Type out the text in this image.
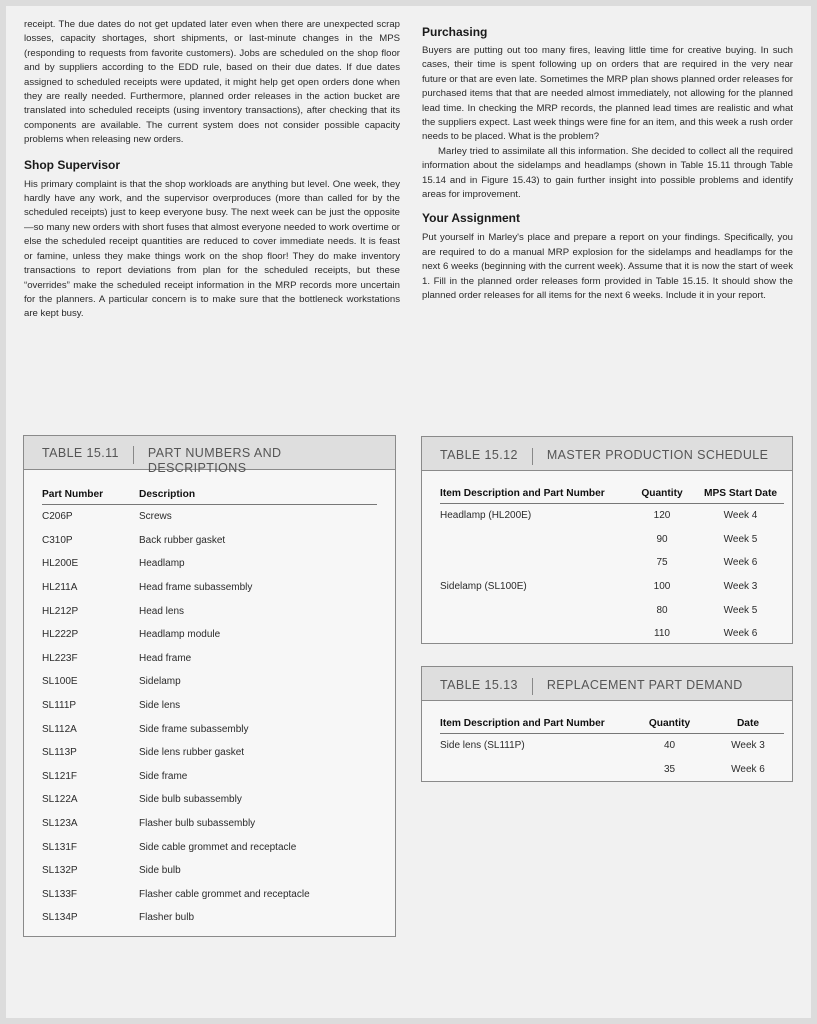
receipt. The due dates do not get updated later even when there are unexpected scrap losses, capacity shortages, short shipments, or last-minute changes in the MPS (responding to requests from favorite customers). Jobs are scheduled on the shop floor and by suppliers according to the EDD rule, based on their due dates. If due dates assigned to scheduled receipts were updated, it might help get open orders done when they are really needed. Furthermore, planned order releases in the action bucket are translated into scheduled receipts (using inventory transactions), after checking that its components are available. The current system does not consider possible capacity problems when releasing new orders.

Shop Supervisor

His primary complaint is that the shop workloads are anything but level. One week, they hardly have any work, and the supervisor overproduces (more than called for by the scheduled receipts) just to keep everyone busy. The next week can be just the opposite—so many new orders with short fuses that almost everyone needed to work overtime or else the scheduled receipt quantities are reduced to cover immediate needs. It is feast or famine, unless they make things work on the shop floor! They do make inventory transactions to report deviations from plan for the scheduled receipts, but these “overrides” make the scheduled receipt information in the MRP records more uncertain for the planners. A particular concern is to make sure that the bottleneck workstations are kept busy.

Purchasing

Buyers are putting out too many fires, leaving little time for creative buying. In such cases, their time is spent following up on orders that are required in the very near future or that are even late. Sometimes the MRP plan shows planned order releases for purchased items that that are needed almost immediately, not allowing for the planned lead time. In checking the MRP records, the planned lead times are realistic and what the suppliers expect. Last week things were fine for an item, and this week a rush order needs to be placed. What is the problem?

Marley tried to assimilate all this information. She decided to collect all the required information about the sidelamps and headlamps (shown in Table 15.11 through Table 15.14 and in Figure 15.43) to gain further insight into possible problems and identify areas for improvement.

Your Assignment

Put yourself in Marley's place and prepare a report on your findings. Specifically, you are required to do a manual MRP explosion for the sidelamps and headlamps for the next 6 weeks (beginning with the current week). Assume that it is now the start of week 1. Fill in the planned order releases form provided in Table 15.15. It should show the planned order releases for all items for the next 6 weeks. Include it in your report.

TABLE 15.11 PART NUMBERS AND DESCRIPTIONS
Part Number	Description
C206P	Screws
C310P	Back rubber gasket
HL200E	Headlamp
HL211A	Head frame subassembly
HL212P	Head lens
HL222P	Headlamp module
HL223F	Head frame
SL100E	Sidelamp
SL111P	Side lens
SL112A	Side frame subassembly
SL113P	Side lens rubber gasket
SL121F	Side frame
SL122A	Side bulb subassembly
SL123A	Flasher bulb subassembly
SL131F	Side cable grommet and receptacle
SL132P	Side bulb
SL133F	Flasher cable grommet and receptacle
SL134P	Flasher bulb
TABLE 15.12 MASTER PRODUCTION SCHEDULE
Item Description and Part Number	Quantity	MPS Start Date
Headlamp (HL200E)	120	Week 4
	90	Week 5
	75	Week 6
Sidelamp (SL100E)	100	Week 3
	80	Week 5
	110	Week 6
TABLE 15.13 REPLACEMENT PART DEMAND
Item Description and Part Number	Quantity	Date
Side lens (SL111P)	40	Week 3
	35	Week 6
